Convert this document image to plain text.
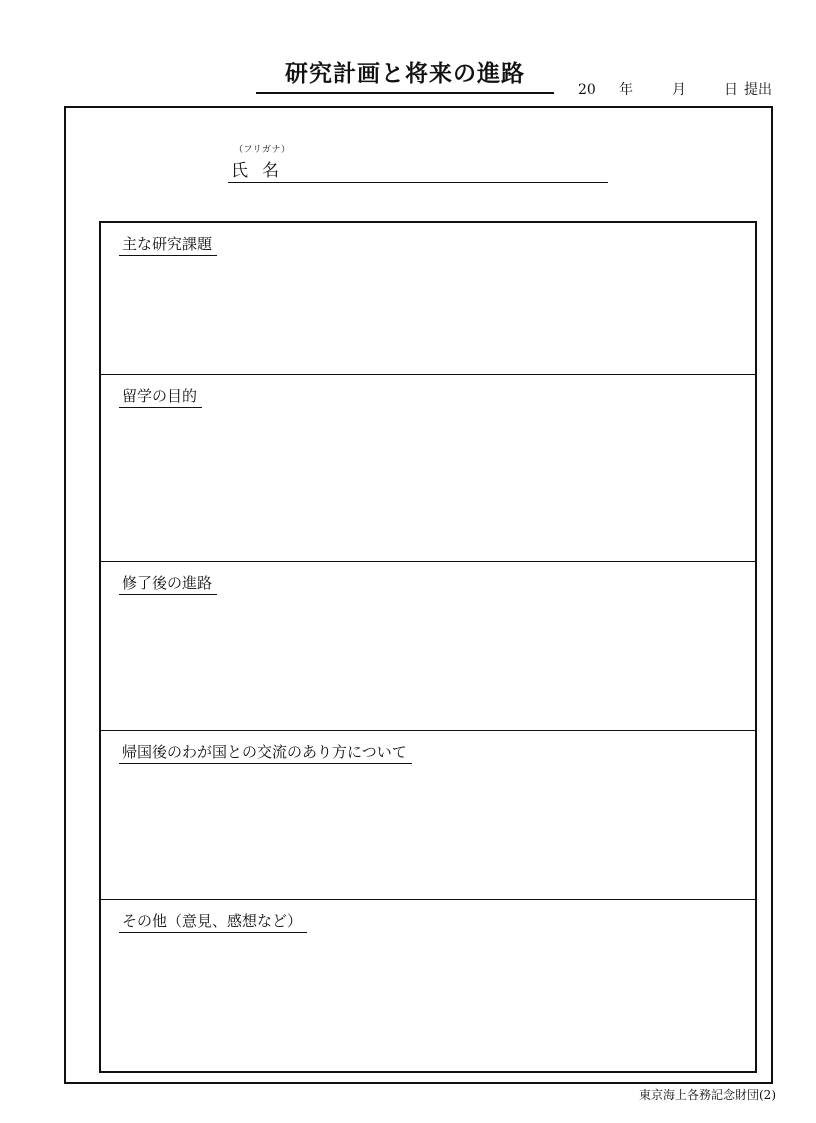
研究計画と将来の進路
20 年	月	日 提出
（フリガナ）
氏名
主な研究課題
留学の目的
修了後の進路
帰国後のわが国との交流のあり方について
その他（意見、感想など）
東京海上各務記念財団(2)
